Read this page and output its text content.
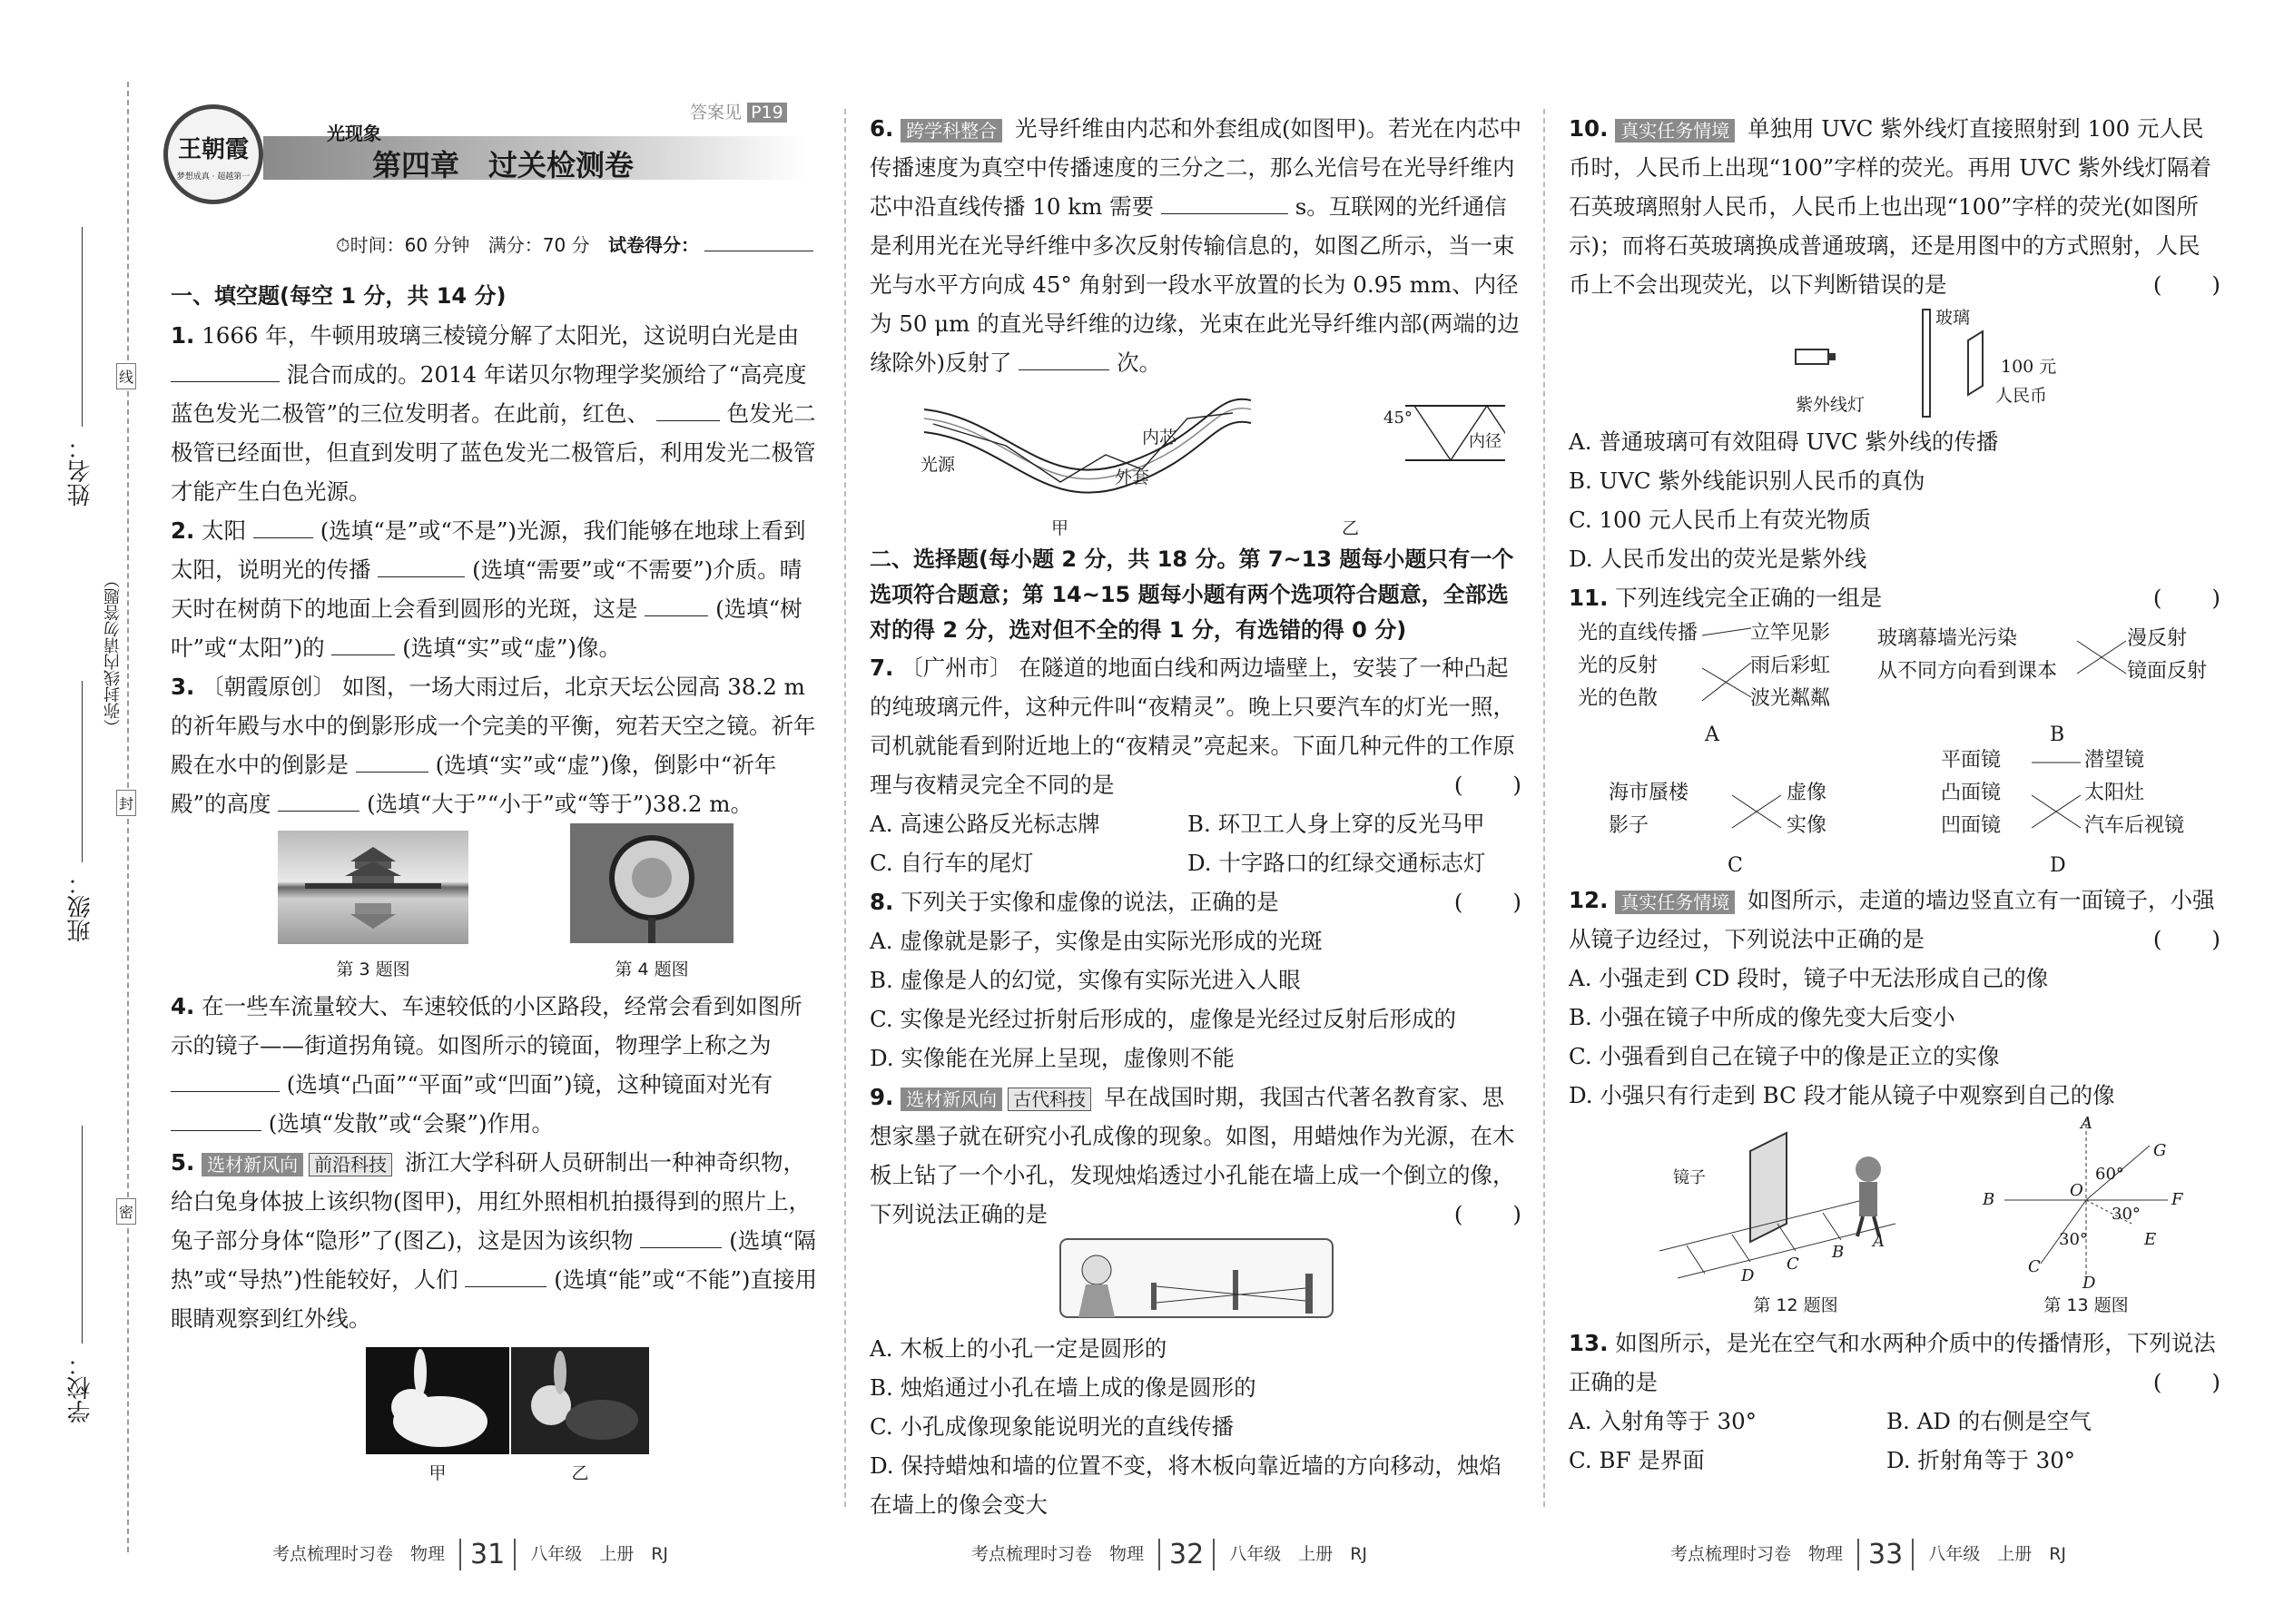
姓名：
班级：
学校：
（弥封线内请勿答题）
线
封
密
王朝霞
梦想成真 · 超越第一
光现象
第四章　过关检测卷
答案见 P19
⏱时间：60 分钟 满分：70 分 试卷得分：

一、填空题(每空 1 分，共 14 分)

1. 1666 年，牛顿用玻璃三棱镜分解了太阳光，这说明白光是由  混合而成的。2014 年诺贝尔物理学奖颁给了“高亮度蓝色发光二极管”的三位发明者。在此前，红色、	色发光二极管已经面世，但直到发明了蓝色发光二极管后，利用发光二极管才能产生白色光源。

2. 太阳	(选填“是”或“不是”)光源，我们能够在地球上看到太阳，说明光的传播	(选填“需要”或“不需要”)介质。晴天时在树荫下的地面上会看到圆形的光斑，这是	(选填“树叶”或“太阳”)的	(选填“实”或“虚”)像。

3. 〔朝霞原创〕 如图，一场大雨过后，北京天坛公园高 38.2 m 的祈年殿与水中的倒影形成一个完美的平衡，宛若天空之镜。祈年殿在水中的倒影是	(选填“实”或“虚”)像，倒影中“祈年殿”的高度	(选填“大于”“小于”或“等于”)38.2 m。

第 3 题图	第 4 题图

4. 在一些车流量较大、车速较低的小区路段，经常会看到如图所示的镜子——街道拐角镜。如图所示的镜面，物理学上称之为  (选填“凸面”“平面”或“凹面”)镜，这种镜面对光有  (选填“发散”或“会聚”)作用。

5. 选材新风向 前沿科技 浙江大学科研人员研制出一种神奇织物，给白兔身体披上该织物(图甲)，用红外照相机拍摄得到的照片上，兔子部分身体“隐形”了(图乙)，这是因为该织物	(选填“隔热”或“导热”)性能较好，人们	(选填“能”或“不能”)直接用眼睛观察到红外线。

甲	乙

6. 跨学科整合 光导纤维由内芯和外套组成(如图甲)。若光在内芯中传播速度为真空中传播速度的三分之二，那么光信号在光导纤维内芯中沿直线传播 10 km 需要	s。互联网的光纤通信是利用光在光导纤维中多次反射传输信息的，如图乙所示，当一束光与水平方向成 45° 角射到一段水平放置的长为 0.95 mm、内径为 50 μm 的直光导纤维的边缘，光束在此光导纤维内部(两端的边缘除外)反射了	次。

光源
内芯
外套
甲
45°
内径
乙

二、选择题(每小题 2 分，共 18 分。第 7~13 题每小题只有一个选项符合题意；第 14~15 题每小题有两个选项符合题意，全部选对的得 2 分，选对但不全的得 1 分，有选错的得 0 分)

7. 〔广州市〕 在隧道的地面白线和两边墙壁上，安装了一种凸起的纯玻璃元件，这种元件叫“夜精灵”。晚上只要汽车的灯光一照，司机就能看到附近地上的“夜精灵”亮起来。下面几种元件的工作原理与夜精灵完全不同的是	(　　)

A. 高速公路反光标志牌	B. 环卫工人身上穿的反光马甲
C. 自行车的尾灯	D. 十字路口的红绿交通标志灯

8. 下列关于实像和虚像的说法，正确的是	(　　)

A. 虚像就是影子，实像是由实际光形成的光斑

B. 虚像是人的幻觉，实像有实际光进入人眼

C. 实像是光经过折射后形成的，虚像是光经过反射后形成的

D. 实像能在光屏上呈现，虚像则不能

9. 选材新风向 古代科技 早在战国时期，我国古代著名教育家、思想家墨子就在研究小孔成像的现象。如图，用蜡烛作为光源，在木板上钻了一个小孔，发现烛焰透过小孔能在墙上成一个倒立的像，下列说法正确的是	(　　)

A. 木板上的小孔一定是圆形的

B. 烛焰通过小孔在墙上成的像是圆形的

C. 小孔成像现象能说明光的直线传播

D. 保持蜡烛和墙的位置不变，将木板向靠近墙的方向移动，烛焰在墙上的像会变大

10. 真实任务情境 单独用 UVC 紫外线灯直接照射到 100 元人民币时，人民币上出现“100”字样的荧光。再用 UVC 紫外线灯隔着石英玻璃照射人民币，人民币上也出现“100”字样的荧光(如图所示)；而将石英玻璃换成普通玻璃，还是用图中的方式照射，人民币上不会出现荧光，以下判断错误的是	(　　)

玻璃
紫外线灯
100 元
人民币

A. 普通玻璃可有效阻碍 UVC 紫外线的传播

B. UVC 紫外线能识别人民币的真伪

C. 100 元人民币上有荧光物质

D. 人民币发出的荧光是紫外线

11. 下列连线完全正确的一组是	(　　)

光的直线传播
光的反射
光的色散
立竿见影
雨后彩虹
波光粼粼
A
玻璃幕墙光污染
从不同方向看到课本
漫反射
镜面反射
B
海市蜃楼
影子
虚像
实像
C
平面镜
凸面镜
凹面镜
潜望镜
太阳灶
汽车后视镜
D

12. 真实任务情境 如图所示，走道的墙边竖直立有一面镜子，小强从镜子边经过，下列说法中正确的是	(　　)

A. 小强走到 CD 段时，镜子中无法形成自己的像

B. 小强在镜子中所成的像先变大后变小

C. 小强看到自己在镜子中的像是正立的实像

D. 小强只有行走到 BC 段才能从镜子中观察到自己的像

镜子
A
B
C
D
第 12 题图
A
G
60°
O
B	F
30°
E
30°
C
D
第 13 题图

13. 如图所示，是光在空气和水两种介质中的传播情形，下列说法正确的是	(　　)

A. 入射角等于 30°	B. AD 的右侧是空气
C. BF 是界面	D. 折射角等于 30°
考点梳理时习卷　物理 31 八年级　上册　RJ	考点梳理时习卷　物理 32 八年级　上册　RJ	考点梳理时习卷　物理 33 八年级　上册　RJ
